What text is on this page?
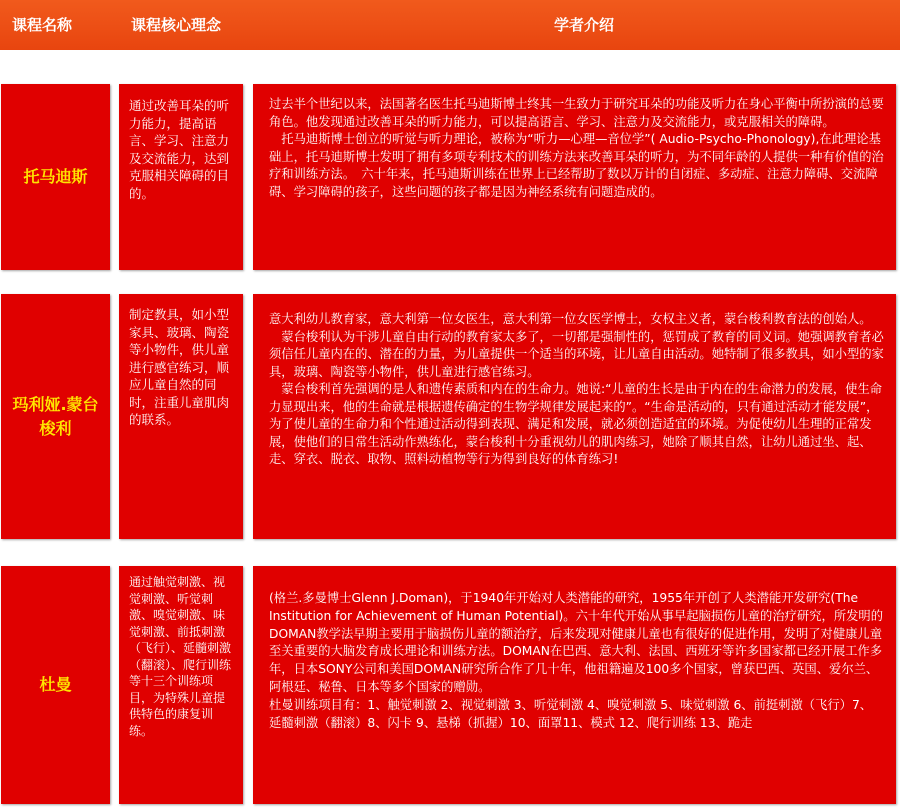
课程名称	课程核心理念	学者介绍
托马迪斯
通过改善耳朵的听力能力，提高语言、学习、注意力及交流能力，达到克服相关障碍的目的。

过去半个世纪以来，法国著名医生托马迪斯博士终其一生致力于研究耳朵的功能及听力在身心平衡中所扮演的总要角色。他发现通过改善耳朵的听力能力，可以提高语言、学习、注意力及交流能力，或克服相关的障碍。

　托马迪斯博士创立的听觉与听力理论，被称为“听力—心理—音位学”( Audio-Psycho-Phonology),在此理论基础上，托马迪斯博士发明了拥有多项专利技术的训练方法来改善耳朵的听力，为不同年龄的人提供一种有价值的治疗和训练方法。　六十年来，托马迪斯训练在世界上已经帮助了数以万计的自闭症、多动症、注意力障碍、交流障碍、学习障碍的孩子，这些问题的孩子都是因为神经系统有问题造成的。

玛利娅.蒙台梭利
制定教具，如小型家具、玻璃、陶瓷等小物件，供儿童进行感官练习，顺应儿童自然的同时，注重儿童肌肉的联系。

意大利幼儿教育家，意大利第一位女医生，意大利第一位女医学博士，女权主义者，蒙台梭利教育法的创始人。

　蒙台梭利认为干涉儿童自由行动的教育家太多了，一切都是强制性的，惩罚成了教育的同义词。她强调教育者必须信任儿童内在的、潜在的力量，为儿童提供一个适当的环境，让儿童自由活动。她特制了很多教具，如小型的家具，玻璃、陶瓷等小物件，供儿童进行感官练习。

　蒙台梭利首先强调的是人和遗传素质和内在的生命力。她说:“儿童的生长是由于内在的生命潜力的发展，使生命力显现出来，他的生命就是根据遗传确定的生物学规律发展起来的”。“生命是活动的，只有通过活动才能发展”，为了使儿童的生命力和个性通过活动得到表现、满足和发展，就必须创造适宜的环境。为促使幼儿生理的正常发展，使他们的日常生活动作熟练化，蒙台梭利十分重视幼儿的肌肉练习，她除了顺其自然，让幼儿通过坐、起、走、穿衣、脱衣、取物、照料动植物等行为得到良好的体育练习!

杜曼
通过触觉刺激、视觉刺激、听觉刺激、嗅觉刺激、味觉刺激、前抵刺激（飞行）、延髓刺激（翻滚）、爬行训练等十三个训练项目，为特殊儿童提供特色的康复训练。

(格兰.多曼博士Glenn J.Doman)，于1940年开始对人类潜能的研究，1955年开创了人类潜能开发研究(The Institution for Achievement of Human Potential)。六十年代开始从事早起脑损伤儿童的治疗研究，所发明的DOMAN教学法早期主要用于脑损伤儿童的额治疗，后来发现对健康儿童也有很好的促进作用，发明了对健康儿童至关重要的大脑发育成长理论和训练方法。DOMAN在巴西、意大利、法国、西班牙等许多国家都已经开展工作多年，日本SONY公司和美国DOMAN研究所合作了几十年，他祖籍遍及100多个国家，曾获巴西、英国、爱尔兰、阿根廷、秘鲁、日本等多个国家的赠勋。

杜曼训练项目有：1、触觉刺激 2、视觉刺激 3、听觉刺激 4、嗅觉刺激 5、味觉刺激 6、前挺刺激（飞行）7、延髓刺激（翻滚）8、闪卡 9、悬梯（抓握）10、面罩11、模式 12、爬行训练 13、跪走
